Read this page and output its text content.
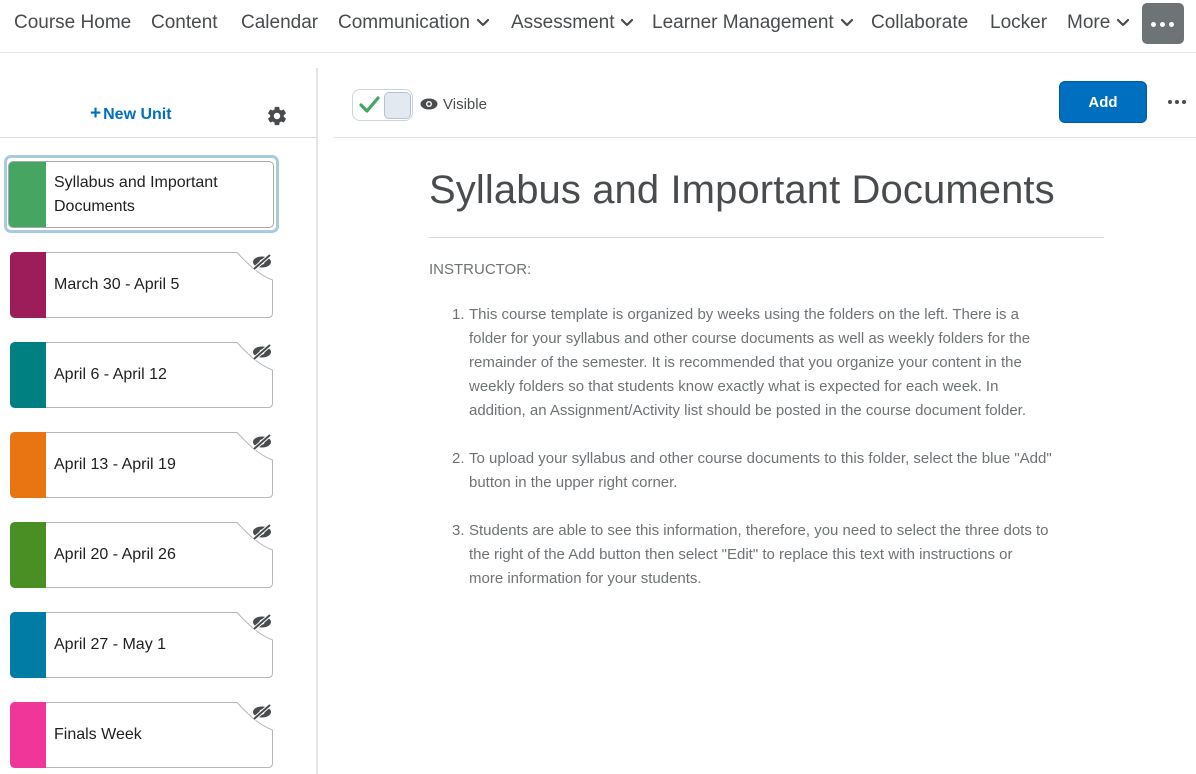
Course Home Content Calendar Communication	Assessment	Learner Management	Collaborate Locker More
+ New Unit
Syllabus and Important Documents
March 30 - April 5
April 6 - April 12
April 13 - April 19
April 20 - April 26
April 27 - May 1
Finals Week
Visible	Add
Syllabus and Important Documents
INSTRUCTOR:
1. This course template is organized by weeks using the folders on the left. There is a
folder for your syllabus and other course documents as well as weekly folders for the
remainder of the semester. It is recommended that you organize your content in the
weekly folders so that students know exactly what is expected for each week. In
addition, an Assignment/Activity list should be posted in the course document folder.
2. To upload your syllabus and other course documents to this folder, select the blue "Add"
button in the upper right corner.
3. Students are able to see this information, therefore, you need to select the three dots to
the right of the Add button then select "Edit" to replace this text with instructions or
more information for your students.
